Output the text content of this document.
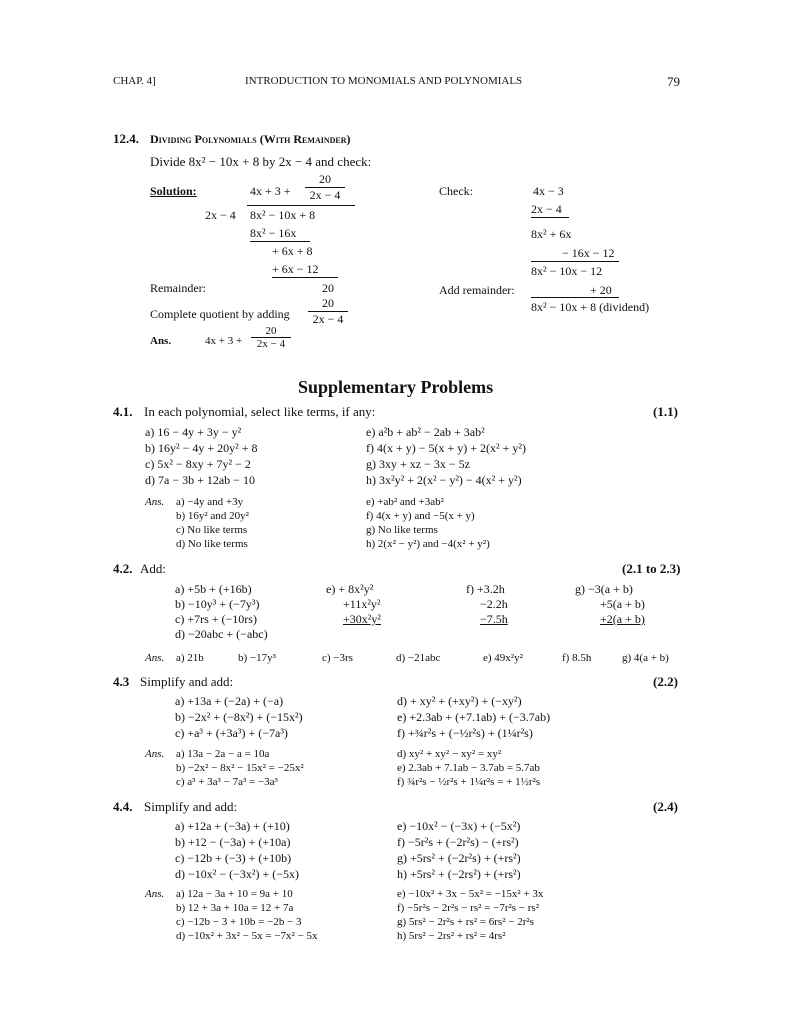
CHAP. 4]	INTRODUCTION TO MONOMIALS AND POLYNOMIALS	79
12.4. Dividing Polynomials (With Remainder)
Divide 8x² − 10x + 8 by 2x − 4 and check:
Solution:	$4x + 3 + \frac{20}{2x - 4}$
2x − 4 8x² − 10x + 8
8x² − 16x
+ 6x + 8
+ 6x − 12
Remainder:	20
Complete quotient by adding $\frac{20}{2x - 4}$
Ans.	$4x + 3 + \frac{20}{2x - 4}$
Check:	4x − 3
2x − 4
8x² + 6x
− 16x − 12
8x² − 10x − 12
Add remainder:	+ 20
8x² − 10x + 8 (dividend)
Supplementary Problems
4.1. In each polynomial, select like terms, if any:	(1.1)
a) 16 − 4y + 3y − y²
b) 16y² − 4y + 20y² + 8
c) 5x² − 8xy + 7y² − 2
d) 7a − 3b + 12ab − 10
e) a²b + ab² − 2ab + 3ab²
f) 4(x + y) − 5(x + y) + 2(x² + y²)
g) 3xy + xz − 3x − 5z
h) 3x²y² + 2(x² − y²) − 4(x² + y²)
Ans. a) −4y and +3y
b) 16y² and 20y²
c) No like terms
d) No like terms
e) +ab² and +3ab²
f) 4(x + y) and −5(x + y)
g) No like terms
h) 2(x² − y²) and −4(x² + y²)
4.2. Add:	(2.1 to 2.3)
a) +5b + (+16b)
b) −10y³ + (−7y³)
c) +7rs + (−10rs)
d) −20abc + (−abc)
e) + 8x²y²
+11x²y²
+30x²y²
f) +3.2h
−2.2h
−7.5h
g) −3(a + b)
+5(a + b)
+2(a + b)
Ans. a) 21b	b) −17y³	c) −3rs	d) −21abc	e) 49x²y²	f) 8.5h	g) 4(a + b)
4.3 Simplify and add:	(2.2)
a) +13a + (−2a) + (−a)
b) −2x² + (−8x²) + (−15x²)
c) +a³ + (+3a³) + (−7a³)
d) + xy² + (+xy²) + (−xy²)
e) +2.3ab + (+7.1ab) + (−3.7ab)
f) +¾r²s + (−½r²s) + (1¼r²s)
Ans. a) 13a − 2a − a = 10a
b) −2x² − 8x² − 15x² = −25x²
c) a³ + 3a³ − 7a³ = −3a³
d) xy² + xy² − xy² = xy²
e) 2.3ab + 7.1ab − 3.7ab = 5.7ab
f) ¾r²s − ½r²s + 1¼r²s = + 1½r²s
4.4. Simplify and add:	(2.4)
a) +12a + (−3a) + (+10)
b) +12 − (−3a) + (+10a)
c) −12b + (−3) + (+10b)
d) −10x² − (−3x²) + (−5x)
e) −10x² − (−3x) + (−5x²)
f) −5r²s + (−2r²s) − (+rs²)
g) +5rs² + (−2r²s) + (+rs²)
h) +5rs² + (−2rs²) + (+rs²)
Ans. a) 12a − 3a + 10 = 9a + 10
b) 12 + 3a + 10a = 12 + 7a
c) −12b − 3 + 10b = −2b − 3
d) −10x² + 3x² − 5x = −7x² − 5x
e) −10x² + 3x − 5x² = −15x² + 3x
f) −5r²s − 2r²s − rs² = −7r²s − rs²
g) 5rs² − 2r²s + rs² = 6rs² − 2r²s
h) 5rs² − 2rs² + rs² = 4rs²
